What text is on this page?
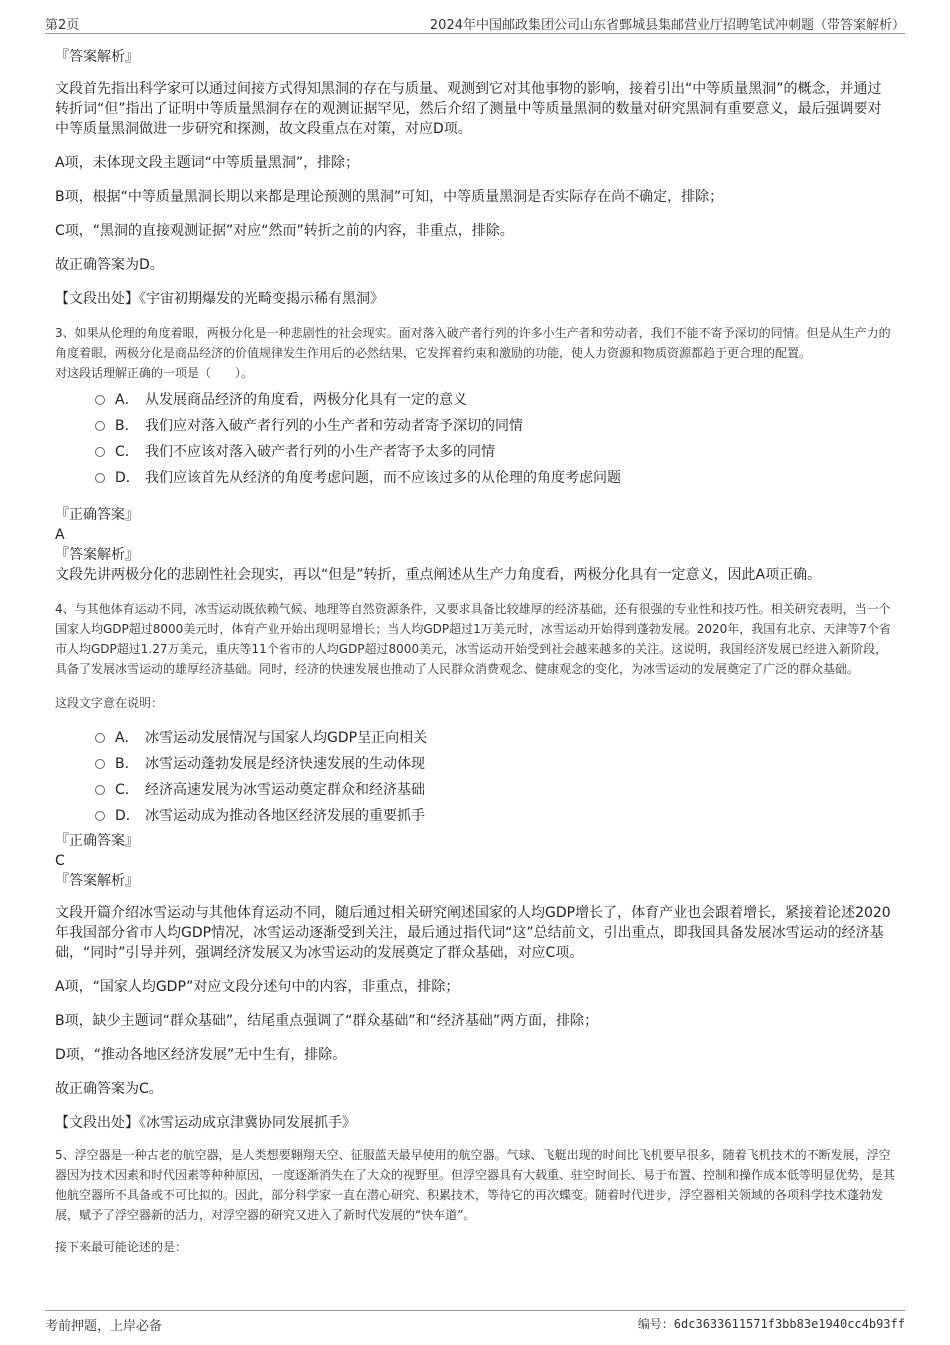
第2页	2024年中国邮政集团公司山东省鄄城县集邮营业厅招聘笔试冲刺题（带答案解析）

『答案解析』

文段首先指出科学家可以通过间接方式得知黑洞的存在与质量、观测到它对其他事物的影响，接着引出“中等质量黑洞”的概念，并通过转折词“但”指出了证明中等质量黑洞存在的观测证据罕见，然后介绍了测量中等质量黑洞的数量对研究黑洞有重要意义，最后强调要对中等质量黑洞做进一步研究和探测，故文段重点在对策，对应D项。

A项，未体现文段主题词“中等质量黑洞”，排除；

B项，根据“中等质量黑洞长期以来都是理论预测的黑洞”可知，中等质量黑洞是否实际存在尚不确定，排除；

C项，“黑洞的直接观测证据”对应“然而”转折之前的内容，非重点，排除。

故正确答案为D。

【文段出处】《宇宙初期爆发的光畸变揭示稀有黑洞》

3、如果从伦理的角度着眼，两极分化是一种悲剧性的社会现实。面对落入破产者行列的许多小生产者和劳动者，我们不能不寄予深切的同情。但是从生产力的角度着眼，两极分化是商品经济的价值规律发生作用后的必然结果，它发挥着约束和激励的功能，使人力资源和物质资源都趋于更合理的配置。

对这段话理解正确的一项是（　　）。

A． 从发展商品经济的角度看，两极分化具有一定的意义
B． 我们应对落入破产者行列的小生产者和劳动者寄予深切的同情
C． 我们不应该对落入破产者行列的小生产者寄予太多的同情
D． 我们应该首先从经济的角度考虑问题，而不应该过多的从伦理的角度考虑问题

『正确答案』

A

『答案解析』

文段先讲两极分化的悲剧性社会现实，再以“但是”转折，重点阐述从生产力角度看，两极分化具有一定意义，因此A项正确。

4、与其他体育运动不同，冰雪运动既依赖气候、地理等自然资源条件，又要求具备比较雄厚的经济基础，还有很强的专业性和技巧性。相关研究表明，当一个国家人均GDP超过8000美元时，体育产业开始出现明显增长；当人均GDP超过1万美元时，冰雪运动开始得到蓬勃发展。2020年，我国有北京、天津等7个省市人均GDP超过1.27万美元，重庆等11个省市的人均GDP超过8000美元，冰雪运动开始受到社会越来越多的关注。这说明，我国经济发展已经进入新阶段，具备了发展冰雪运动的雄厚经济基础。同时，经济的快速发展也推动了人民群众消费观念、健康观念的变化，为冰雪运动的发展奠定了广泛的群众基础。

这段文字意在说明：

A． 冰雪运动发展情况与国家人均GDP呈正向相关
B． 冰雪运动蓬勃发展是经济快速发展的生动体现
C． 经济高速发展为冰雪运动奠定群众和经济基础
D． 冰雪运动成为推动各地区经济发展的重要抓手

『正确答案』

C

『答案解析』

文段开篇介绍冰雪运动与其他体育运动不同，随后通过相关研究阐述国家的人均GDP增长了，体育产业也会跟着增长，紧接着论述2020年我国部分省市人均GDP情况，冰雪运动逐渐受到关注，最后通过指代词“这”总结前文，引出重点，即我国具备发展冰雪运动的经济基础，“同时”引导并列，强调经济发展又为冰雪运动的发展奠定了群众基础，对应C项。

A项，“国家人均GDP”对应文段分述句中的内容，非重点，排除；

B项，缺少主题词“群众基础”，结尾重点强调了“群众基础”和“经济基础”两方面，排除；

D项，“推动各地区经济发展”无中生有，排除。

故正确答案为C。

【文段出处】《冰雪运动成京津冀协同发展抓手》

5、浮空器是一种古老的航空器，是人类想要翱翔天空、征服蓝天最早使用的航空器。气球、飞艇出现的时间比飞机要早很多，随着飞机技术的不断发展，浮空器因为技术因素和时代因素等种种原因，一度逐渐消失在了大众的视野里。但浮空器具有大载重、驻空时间长、易于布置、控制和操作成本低等明显优势，是其他航空器所不具备或不可比拟的。因此，部分科学家一直在潜心研究、积累技术，等待它的再次蝶变。随着时代进步，浮空器相关领域的各项科学技术蓬勃发展，赋予了浮空器新的活力，对浮空器的研究又进入了新时代发展的“快车道”。

接下来最可能论述的是：

考前押题，上岸必备	编号：6dc3633611571f3bb83e1940cc4b93ff
